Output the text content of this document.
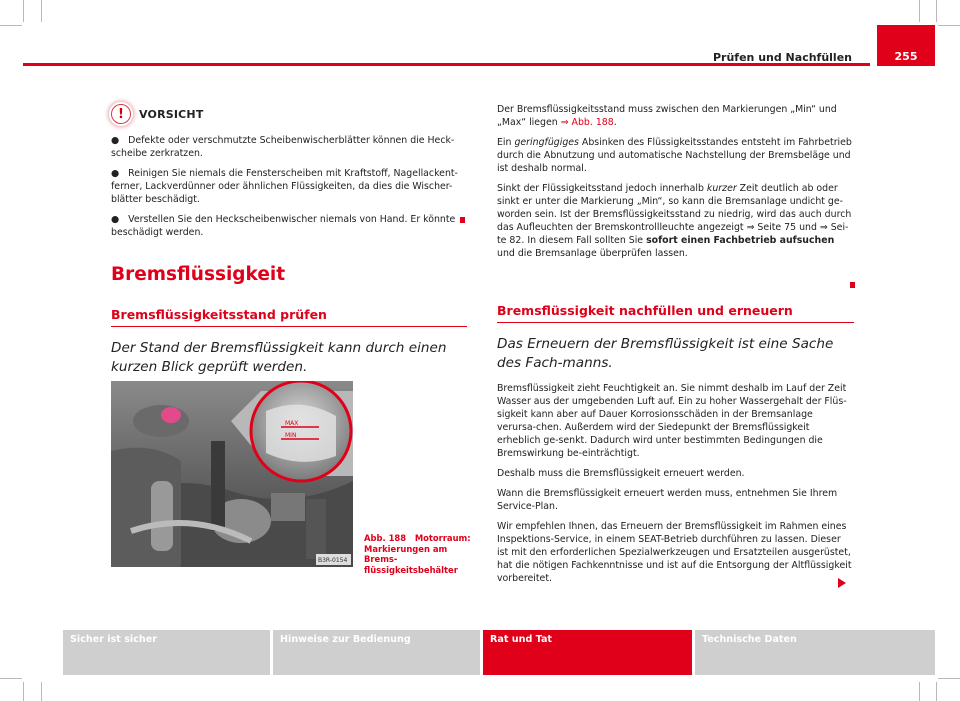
Prüfen und Nachfüllen	255
!	VORSICHT

● Defekte oder verschmutzte Scheibenwischerblätter können die Heck-scheibe zerkratzen.

● Reinigen Sie niemals die Fensterscheiben mit Kraftstoff, Nagellackent-ferner, Lackverdünner oder ähnlichen Flüssigkeiten, da dies die Wischer-blätter beschädigt.

● Verstellen Sie den Heckscheibenwischer niemals von Hand. Er könnte beschädigt werden.

Bremsflüssigkeit
Bremsflüssigkeitsstand prüfen
Der Stand der Bremsflüssigkeit kann durch einen kurzen Blick geprüft werden.
MAX
MIN
B3R-0154
Abb. 188 Motorraum: Markierungen am Brems-flüssigkeitsbehälter

Der Bremsflüssigkeitsstand muss zwischen den Markierungen „Min“ und „Max“ liegen ⇒ Abb. 188.

Ein geringfügiges Absinken des Flüssigkeitsstandes entsteht im Fahrbetrieb durch die Abnutzung und automatische Nachstellung der Bremsbeläge und ist deshalb normal.

Sinkt der Flüssigkeitsstand jedoch innerhalb kurzer Zeit deutlich ab oder sinkt er unter die Markierung „Min“, so kann die Bremsanlage undicht ge-worden sein. Ist der Bremsflüssigkeitsstand zu niedrig, wird das auch durch das Aufleuchten der Bremskontrollleuchte angezeigt ⇒ Seite 75 und ⇒ Sei-te 82. In diesem Fall sollten Sie sofort einen Fachbetrieb aufsuchen und die Bremsanlage überprüfen lassen.

Bremsflüssigkeit nachfüllen und erneuern
Das Erneuern der Bremsflüssigkeit ist eine Sache des Fach-manns.

Bremsflüssigkeit zieht Feuchtigkeit an. Sie nimmt deshalb im Lauf der Zeit Wasser aus der umgebenden Luft auf. Ein zu hoher Wassergehalt der Flüs-sigkeit kann aber auf Dauer Korrosionsschäden in der Bremsanlage verursa-chen. Außerdem wird der Siedepunkt der Bremsflüssigkeit erheblich ge-senkt. Dadurch wird unter bestimmten Bedingungen die Bremswirkung be-einträchtigt.

Deshalb muss die Bremsflüssigkeit erneuert werden.

Wann die Bremsflüssigkeit erneuert werden muss, entnehmen Sie Ihrem Service-Plan.

Wir empfehlen Ihnen, das Erneuern der Bremsflüssigkeit im Rahmen eines Inspektions-Service, in einem SEAT-Betrieb durchführen zu lassen. Dieser ist mit den erforderlichen Spezialwerkzeugen und Ersatzteilen ausgerüstet, hat die nötigen Fachkenntnisse und ist auf die Entsorgung der Altflüssigkeit vorbereitet.

Sicher ist sicher	Hinweise zur Bedienung	Rat und Tat	Technische Daten
